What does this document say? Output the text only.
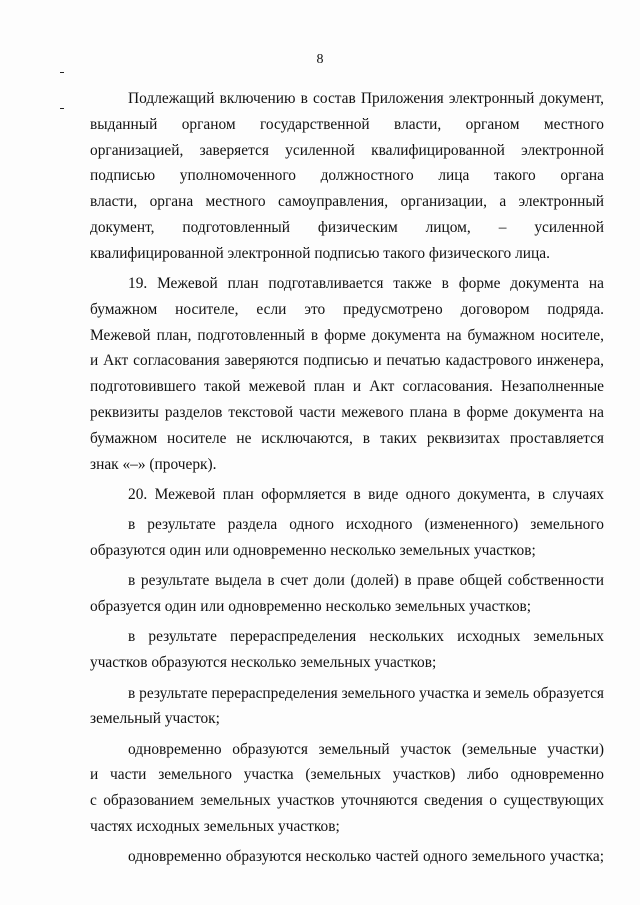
8
Подлежащий включению в состав Приложения электронный документ,
выданный органом государственной власти, органом местного
организацией, заверяется усиленной квалифицированной электронной
подписью уполномоченного должностного лица такого органа
власти, органа местного самоуправления, организации, а электронный
документ, подготовленный физическим лицом, – усиленной
квалифицированной электронной подписью такого физического лица.
19. Межевой план подготавливается также в форме документа на
бумажном носителе, если это предусмотрено договором подряда.
Межевой план, подготовленный в форме документа на бумажном носителе,
и Акт согласования заверяются подписью и печатью кадастрового инженера,
подготовившего такой межевой план и Акт согласования. Незаполненные
реквизиты разделов текстовой части межевого плана в форме документа на
бумажном носителе не исключаются, в таких реквизитах проставляется
знак «–» (прочерк).
20. Межевой план оформляется в виде одного документа, в случаях
в результате раздела одного исходного (измененного) земельного
образуются один или одновременно несколько земельных участков;
в результате выдела в счет доли (долей) в праве общей собственности
образуется один или одновременно несколько земельных участков;
в результате перераспределения нескольких исходных земельных
участков образуются несколько земельных участков;
в результате перераспределения земельного участка и земель образуется
земельный участок;
одновременно образуются земельный участок (земельные участки)
и части земельного участка (земельных участков) либо одновременно
с образованием земельных участков уточняются сведения о существующих
частях исходных земельных участков;
одновременно образуются несколько частей одного земельного участка;
